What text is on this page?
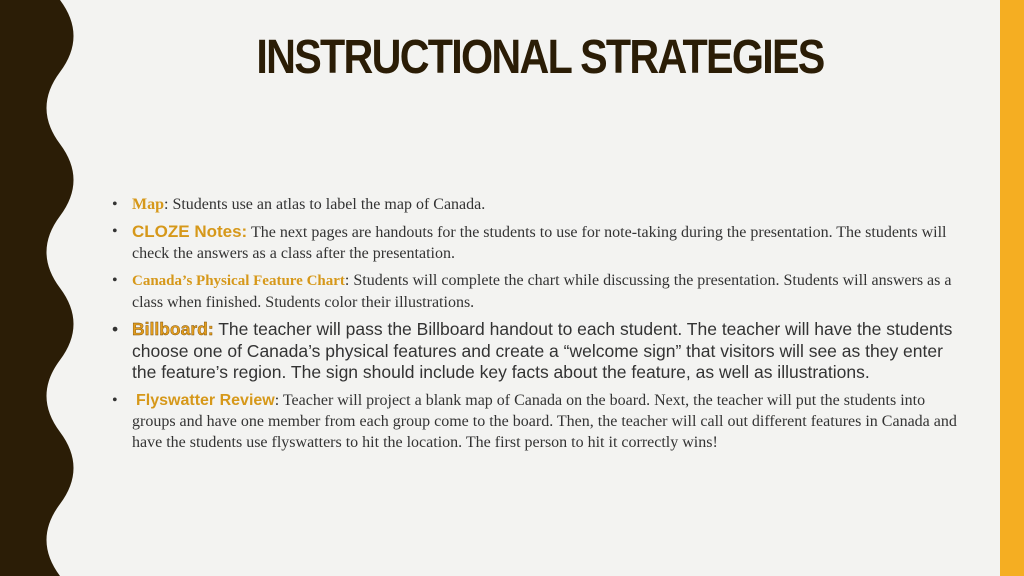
INSTRUCTIONAL STRATEGIES
• Map: Students use an atlas to label the map of Canada.
• CLOZE Notes: The next pages are handouts for the students to use for note-taking during the presentation. The students will check the answers as a class after the presentation.
• Canada’s Physical Feature Chart: Students will complete the chart while discussing the presentation. Students will answers as a class when finished. Students color their illustrations.
• Billboard: The teacher will pass the Billboard handout to each student. The teacher will have the students choose one of Canada’s physical features and create a “welcome sign” that visitors will see as they enter the feature’s region. The sign should include key facts about the feature, as well as illustrations.
• Flyswatter Review: Teacher will project a blank map of Canada on the board. Next, the teacher will put the students into groups and have one member from each group come to the board. Then, the teacher will call out different features in Canada and have the students use flyswatters to hit the location. The first person to hit it correctly wins!
